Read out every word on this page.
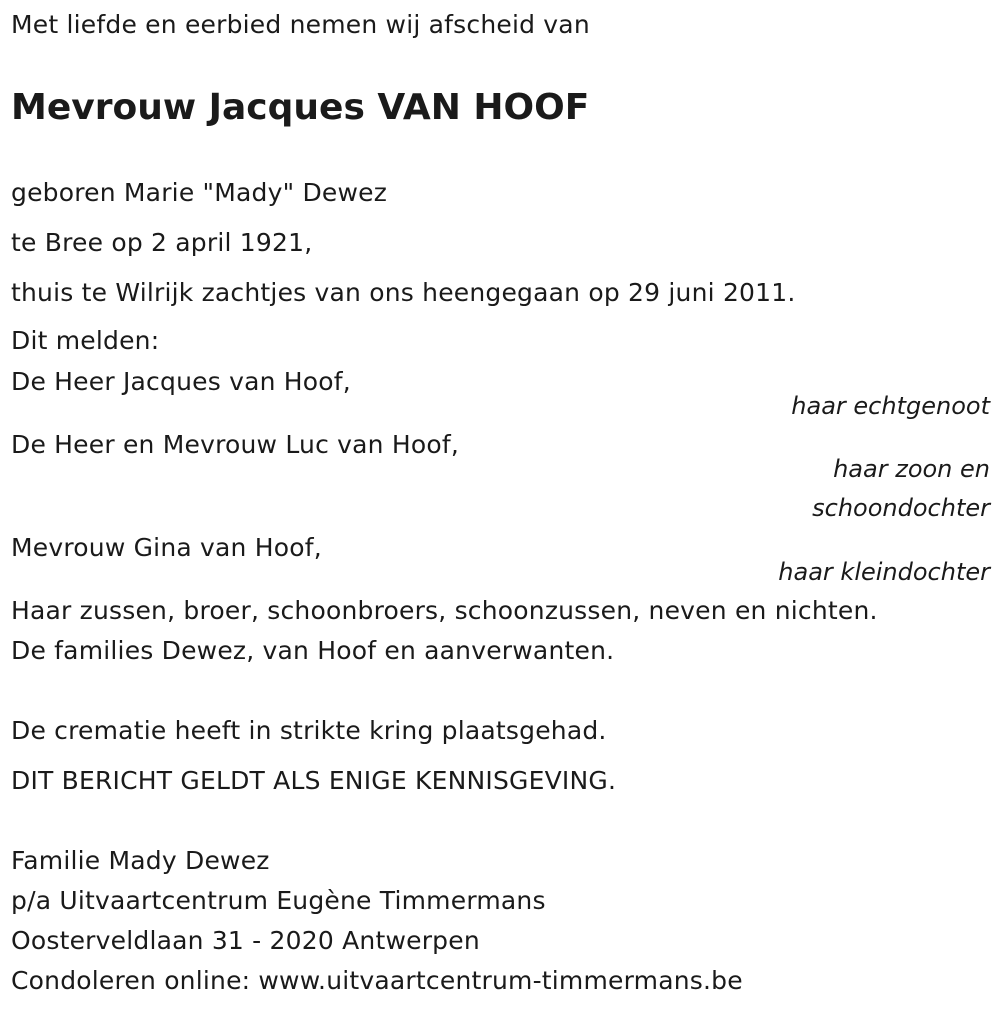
Met liefde en eerbied nemen wij afscheid van
Mevrouw Jacques VAN HOOF
geboren Marie "Mady" Dewez
te Bree op 2 april 1921,
thuis te Wilrijk zachtjes van ons heengegaan op 29 juni 2011.
Dit melden:
De Heer Jacques van Hoof,
haar echtgenoot
De Heer en Mevrouw Luc van Hoof,
haar zoon en
schoondochter
Mevrouw Gina van Hoof,
haar kleindochter
Haar zussen, broer, schoonbroers, schoonzussen, neven en nichten.
De families Dewez, van Hoof en aanverwanten.
De crematie heeft in strikte kring plaatsgehad.
DIT BERICHT GELDT ALS ENIGE KENNISGEVING.
Familie Mady Dewez
p/a Uitvaartcentrum Eugène Timmermans
Oosterveldlaan 31 - 2020 Antwerpen
Condoleren online: www.uitvaartcentrum-timmermans.be
